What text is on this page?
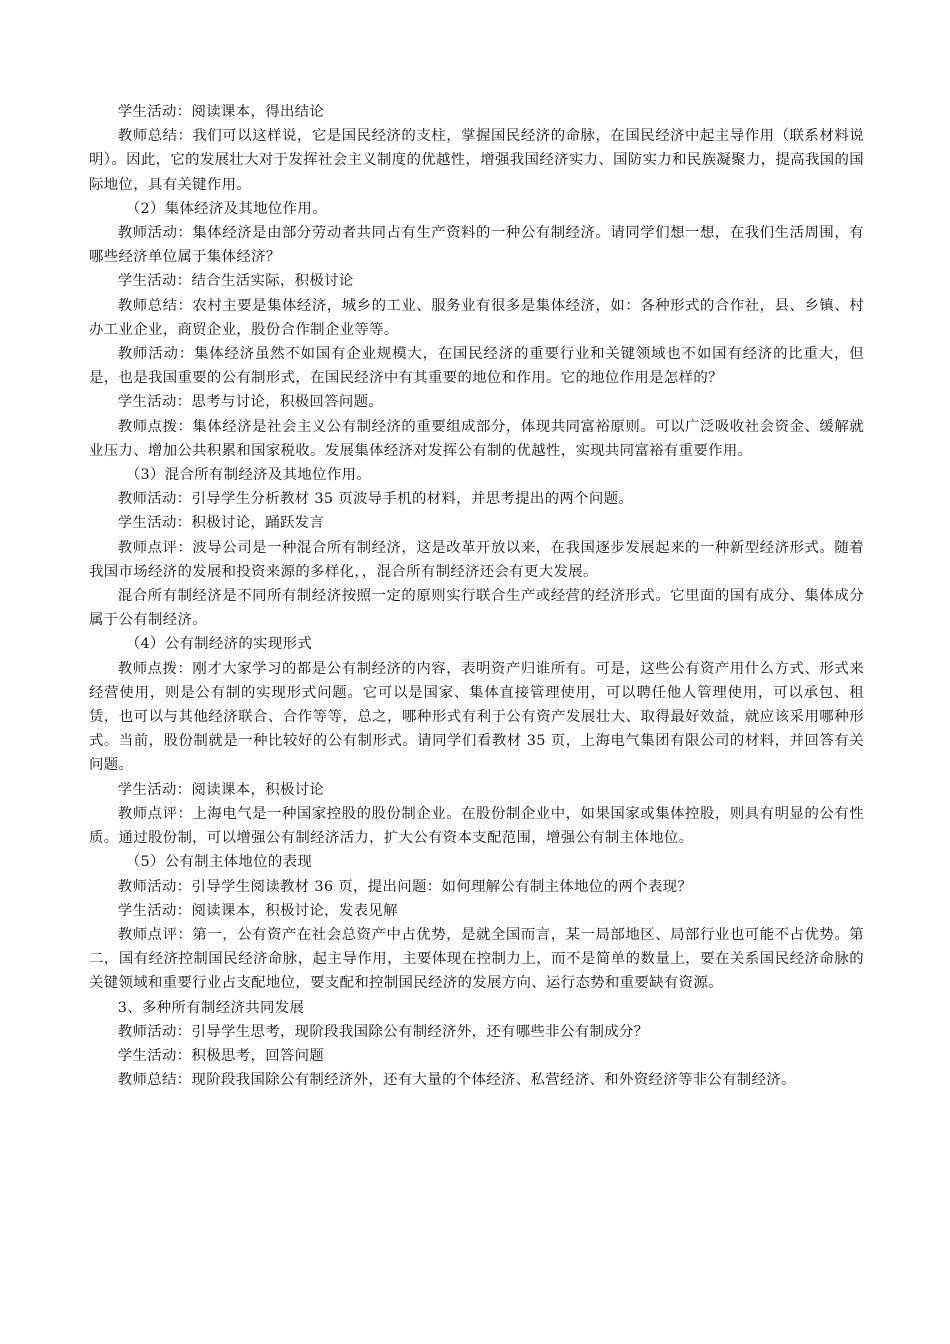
学生活动：阅读课本，得出结论

教师总结：我们可以这样说，它是国民经济的支柱，掌握国民经济的命脉，在国民经济中起主导作用（联系材料说明）。因此，它的发展壮大对于发挥社会主义制度的优越性，增强我国经济实力、国防实力和民族凝聚力，提高我国的国际地位，具有关键作用。

（2）集体经济及其地位作用。

教师活动：集体经济是由部分劳动者共同占有生产资料的一种公有制经济。请同学们想一想，在我们生活周围，有哪些经济单位属于集体经济？

学生活动：结合生活实际，积极讨论

教师总结：农村主要是集体经济，城乡的工业、服务业有很多是集体经济，如：各种形式的合作社，县、乡镇、村办工业企业，商贸企业，股份合作制企业等等。

教师活动：集体经济虽然不如国有企业规模大，在国民经济的重要行业和关键领域也不如国有经济的比重大，但是，也是我国重要的公有制形式，在国民经济中有其重要的地位和作用。它的地位作用是怎样的？

学生活动：思考与讨论，积极回答问题。

教师点拨：集体经济是社会主义公有制经济的重要组成部分，体现共同富裕原则。可以广泛吸收社会资金、缓解就业压力、增加公共积累和国家税收。发展集体经济对发挥公有制的优越性，实现共同富裕有重要作用。

（3）混合所有制经济及其地位作用。

教师活动：引导学生分析教材 35 页波导手机的材料，并思考提出的两个问题。

学生活动：积极讨论，踊跃发言

教师点评：波导公司是一种混合所有制经济，这是改革开放以来，在我国逐步发展起来的一种新型经济形式。随着我国市场经济的发展和投资来源的多样化，，混合所有制经济还会有更大发展。

混合所有制经济是不同所有制经济按照一定的原则实行联合生产或经营的经济形式。它里面的国有成分、集体成分属于公有制经济。

（4）公有制经济的实现形式

教师点拨：刚才大家学习的都是公有制经济的内容，表明资产归谁所有。可是，这些公有资产用什么方式、形式来经营使用，则是公有制的实现形式问题。它可以是国家、集体直接管理使用，可以聘任他人管理使用，可以承包、租赁，也可以与其他经济联合、合作等等，总之，哪种形式有利于公有资产发展壮大、取得最好效益，就应该采用哪种形式。当前，股份制就是一种比较好的公有制形式。请同学们看教材 35 页，上海电气集团有限公司的材料，并回答有关问题。

学生活动：阅读课本，积极讨论

教师点评：上海电气是一种国家控股的股份制企业。在股份制企业中，如果国家或集体控股，则具有明显的公有性质。通过股份制，可以增强公有制经济活力，扩大公有资本支配范围，增强公有制主体地位。

（5）公有制主体地位的表现

教师活动：引导学生阅读教材 36 页，提出问题：如何理解公有制主体地位的两个表现？

学生活动：阅读课本，积极讨论，发表见解

教师点评：第一，公有资产在社会总资产中占优势，是就全国而言，某一局部地区、局部行业也可能不占优势。第二，国有经济控制国民经济命脉，起主导作用，主要体现在控制力上，而不是简单的数量上，要在关系国民经济命脉的关键领域和重要行业占支配地位，要支配和控制国民经济的发展方向、运行态势和重要缺有资源。

3、多种所有制经济共同发展

教师活动：引导学生思考，现阶段我国除公有制经济外，还有哪些非公有制成分？

学生活动：积极思考，回答问题

教师总结：现阶段我国除公有制经济外，还有大量的个体经济、私营经济、和外资经济等非公有制经济。
